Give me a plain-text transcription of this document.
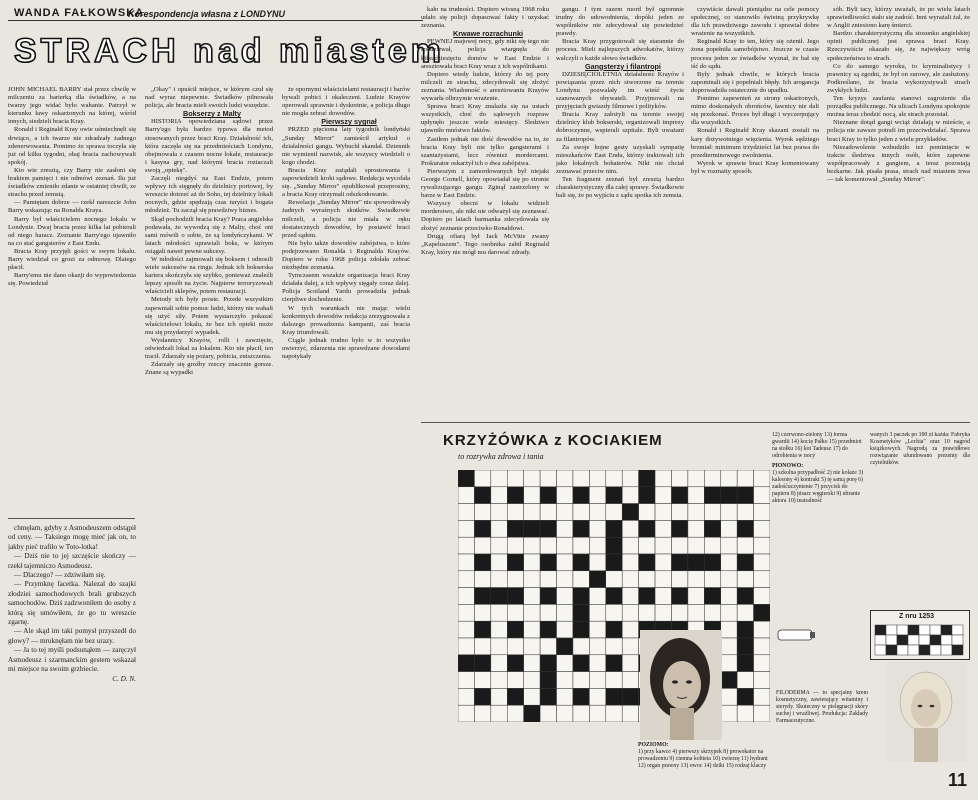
WANDA FAŁKOWSKA
Korespondencja własna z LONDYNU
STRACH nad miastem

JOHN MICHAEL BARRY stał przez chwilę w milczeniu za barierką dla świadków, a na twarzy jego widać było wahanie. Patrzył w kierunku ławy oskarżonych na której, wśród innych, siedzieli bracia Kray.

Ronald i Reginald Kray owie uśmiechnęli się drwiąco, a ich twarze nie zdradzały żadnego zdenerwowania. Pomimo że sprawa toczyła się już od kilku tygodni, obaj bracia zachowywali spokój.

Kto wie zresztą, czy Barry nie zasłoni się brakiem pamięci i nie odmówi zeznań. Ilu już świadków zmieniło zdanie w ostatniej chwili, ze strachu przed zemstą.

— Pamiętam dobrze — rzekł nareszcie John Barry wskazując na Ronalda Kraya.

Barry był właścicielem nocnego lokalu w Londynie. Dwaj bracia przez kilka lat pobierali od niego haracz. Zeznanie Barry'ego ujawniło na co stać gangsterów z East Endu.

Bracia Kray przyjęli gości w swym lokalu. Barry wiedział co grozi za odmowę. Dlatego płacił.

Barry'emu nie dano okazji do wypowiedzenia się. Powiedział

chmęłam, gdyby z Asmodeuszem odstąpił od ceny. — Taksiego mogę mieć jak on, to jakby pieć trafiło w Toto-lotka!

— Dziś nie to jej szczęście skończy — rzekł tajemniczo Asmodeusz.

— Dlaczego? — zdziwiłam się.

— Przymknę facetka. Nalezal do szajki złodziei samochodowych brali grubszych samochodów. Dziś zadzwoniłem do osoby z którą się umówiłem, że go tu wreszcie zgarnę.

— Ale skąd im taki pomysł przyszedł do głowy? — mruknęłam nie bez urazy.

— Ja to tej myśli podsunąłem — zaręczył Asmodeusz i szarmanckim gestem wskazał mi miejsce na swoim grzbiecie.

C. D. N.

„Okay" i opuścił miejsce, w którym czuł się nad wyraz niepewnie. Świadków pilnowała policja, ale bracia mieli swoich ludzi wszędzie.

Bokserzy z Malty

HISTORIA opowiedziana sądowi przez Barry'ego była bardzo typowa dla metod stosowanych przez braci Kray. Działalność ich, która zaczęła się na przedmieściach Londynu, obejmowała z czasem nocne lokale, restauracje i kasyna gry, nad którymi bracia roztaczali swoją „opiekę".

Zaczęli niegdyś na East Endzie, potem wpływy ich sięgnęły do dzielnicy portowej, by wreszcie dotrzeć aż do Soho, tej dzielnicy lokali nocnych, gdzie spędzają czas turyści i bogata młodzież. Tu zaczął się prawdziwy biznes.

Skąd pochodzili bracia Kray? Praca angielska podawała, że wywodzą się z Malty, choć oni sami mówili o sobie, że są londyńczykami. W latach młodości uprawiali boks, w którym osiągali nawet pewne sukcesy.

W młodości zajmowali się boksem i odnosili wiele sukcesów na ringu. Jednak ich bokserska kariera skończyła się szybko, ponieważ znaleźli lepszy sposób na życie. Najpierw terroryzowali właścicieli sklepów, potem restauracji.

Metody ich były proste. Przede wszystkim zapewniali sobie pomoc ludzi, którzy nie wahali się użyć siły. Potem wystarczyło pokazać właścicielowi lokalu, że bez ich opieki może mu się przydarzyć wypadek.

Wysłannicy Krayów, rolli i zawzięcie, odwiedzali lokal za lokalem. Kto nie płacił, ten tracił. Zdarzały się pożary, pobicia, zniszczenia.

Zdarzały się groźby rzeczy znacznie gorsze. Znane są wypadki

że opornymi właścicielami restauracji i barów bywali pobici i okaleczeni. Ludzie Krayów operowali sprawnie i dyskretnie, a policja długo nie mogła zebrać dowodów.

Pierwszy sygnał

PRZED pięcioma laty tygodnik londyński „Sunday Mirror" zamieścił artykuł o działalności gangu. Wybuchł skandal. Dziennik nie wymienił nazwisk, ale wszyscy wiedzieli o kogo chodzi.

Bracia Kray zażądali sprostowania i zapowiedzieli kroki sądowe. Redakcja wycofała się. „Sunday Mirror" opublikował przeprosiny, a bracia Kray otrzymali odszkodowanie.

Rewelacje „Sunday Mirror" nie spowodowały żadnych wyraźnych skutków. Świadkowie milczeli, a policja nie miała w ręku dostatecznych dowodów, by postawić braci przed sądem.

Nie było także dowodów zabójstwa, o które podejrzewano Ronalda i Reginalda Krayów. Dopiero w roku 1968 policja zdołała zebrać niezbędne zeznania.

Tymczasem wszakże organizacja braci Kray działała dalej, a ich wpływy sięgały coraz dalej. Policja Scotland Yardu prowadziła jednak cierpliwe dochodzenie.

W tych warunkach nie mając wielu konkretnych dowodów redakcja zrezygnowała z dalszego prowadzenia kampanii, zaś bracia Kray triumfowali.

Ciągle jednak trudno było w to wszystko uwierzyć, zdarzenia nie sprawdzane dowodami napotykały

kało na trudności. Dopiero wiosną 1968 roku udało się policji dopasować fakty i uzyskać zeznania.

Krwawe rozrachunki

PEWNEJ majowej nocy, gdy nikt się tego nie spodziewał, policja wtargnęła do kilkudziesięciu domów w East Endzie i aresztowała braci Kray wraz z ich wspólnikami.

Dopiero wtedy ludzie, którzy do tej pory milczeli ze strachu, zdecydowali się złożyć zeznania. Wiadomość o aresztowaniu Krayów wywarła olbrzymie wrażenie.

Sprawa braci Kray znalazła się na ustach wszystkich, choć do sądowych rozpraw upłynęło jeszcze wiele miesięcy. Śledztwo ujawniło mnóstwo faktów.

Zasiłem jednak nie dość dowodów na to, że bracia Kray byli nie tylko gangsterami i szantażystami, lecz również mordercami. Prokurator oskarżył ich o dwa zabójstwa.

Pierwszym z zamordowanych był niejaki George Cornell, który opowiadał się po stronie rywalizującego gangu. Zginął zastrzelony w barze w East Endzie.

Wszyscy obecni w lokalu widzieli morderstwo, ale nikt nie odważył się zeznawać. Dopiero po latach barmanka zdecydowała się złożyć zeznanie przeciwko Ronaldowi.

Drugą ofiarą był Jack McVitie zwany „Kapeluszem". Tego osobnika zabił Reginald Kray, który nie mógł mu darować zdrady.

gangu. I tym razem mord był ogromnie trudny do udowodnienia, dopóki jeden ze wspólników nie zdecydował się powiedzieć prawdy.

Bracia Kray przygotowali się starannie do procesu. Mieli najlepszych adwokatów, którzy walczyli o każde słowo świadków.

Gangsterzy i filantropi

DZIESIĘCIOLETNIA działalność Krayów i powiązania przez nich stworzone na terenie Londynu pozwalały im wieść życie szanowanych obywateli. Przyjmowali na przyjęciach gwiazdy filmowe i polityków.

Bracia Kray założyli na terenie swojej dzielnicy klub bokserski, organizowali imprezy dobroczynne, wspierali szpitale. Byli uważani za filantropów.

Za swoje hojne gesty uzyskali sympatię mieszkańców East Endu, którzy traktowali ich jako lokalnych bohaterów. Nikt nie chciał zeznawać przeciw nim.

Ten fragment zeznań był zresztą bardzo charakterystyczny dla całej sprawy. Świadkowie bali się, że po wyjściu z sądu spotka ich zemsta.

czywiście dawali pieniądze na cele pomocy społecznej, co stanowiło świetną przykrywkę dla ich prawdziwego zawodu i sprawiał dobre wrażenie na wszystkich.

Reginald Kray to ten, który się ożenił. Jego żona popełniła samobójstwo. Jeszcze w czasie procesu jeden ze świadków wyznał, że bał się iść do sądu.

Były jednak chwile, w których bracia zapominali się i popełniali błędy. Ich arogancja doprowadziła ostatecznie do upadku.

Pomimo zapewnień ze strony oskarżonych, mimo doskonałych obrońców, ławnicy nie dali się przekonać. Proces był długi i wyczerpujący dla wszystkich.

Ronald i Reginald Kray skazani zostali na kary dożywotniego więzienia. Wyrok sędziego brzmiał: minimum trzydzieści lat bez prawa do przedterminowego zwolnienia.

Wyrok w sprawie braci Kray komentowany był w rozmaity sposób.

sób. Byli tacy, którzy uważali, że po wielu latach sprawiedliwości stało się zadość. Inni wyrażali żal, że w Anglii zniesiono karę śmierci.

Bardzo charakterystyczną dla stosunku angielskiej opinii publicznej jest sprawa braci Kray. Rzeczywiście okazało się, że największy wróg społeczeństwa to strach.

Co do samego wyroku, to kryminalistycy i prawnicy są zgodni, że był on surowy, ale zasłużony. Podkreślano, że bracia wykorzystywali strach zwykłych ludzi.

Ten kryzys zaufania stanowi zagrożenie dla porządku publicznego. Na ulicach Londynu spokojnie można teraz chodzić nocą, ale strach pozostał.

Nieznane dotąd gangi wciąż działają w mieście, a policja nie zawsze potrafi im przeciwdziałać. Sprawa braci Kray to tylko jeden z wielu przykładów.

Niezadowolenie wzbudziło też pominięcie w trakcie śledztwa innych osób, które zapewne współpracowały z gangiem, a teraz pozostają bezkarne. Jak pisała prasa, strach nad miastem trwa — tak komentował „Sunday Mirror".

KRZYŻÓWKA z KOCIAKIEM
to rozrywka zdrowa i tania

12) czerwono-zielony 13) forma gwardii 14) kocię Pałko 15) przedmiot na stołku 16) kot Tadeusz 17) do odrobienia w nocy

PIONOWO:

1) szkolna przypadłość 2) nie kolaże 3) kalesony 4) kontrakt 5) tę samą porę 6) zadośćuczynienie 7) przycisk do papieru 8) pisarz węgierski 9) ubranie aktora 10) teatralność

wanych 3 paczek po 100 zł każda: Fabryka Kosmetyków „Lechia" oraz 10 nagród książkowych. Nagrodą za prawidłowe rozwiązanie ufundowano prezenty dla czytelników.

POZIOMO:

1) przy kawce 4) pierwszy skrzypek 8) prowokator na prowadzeniu 9) ciemna kobieta 10) zwierzę 11) hydrant 12) organ prawny 13) owoc 14) dziki 15) rodzaj klaczy

Z nru 1253

FILODERMA — to specjalny krem kosmetyczny, zawierający witaminy i sterydy. Skuteczny w pielęgnacji skóry suchej i wrażliwej. Produkcja: Zakłady Farmaceutyczne.

11
